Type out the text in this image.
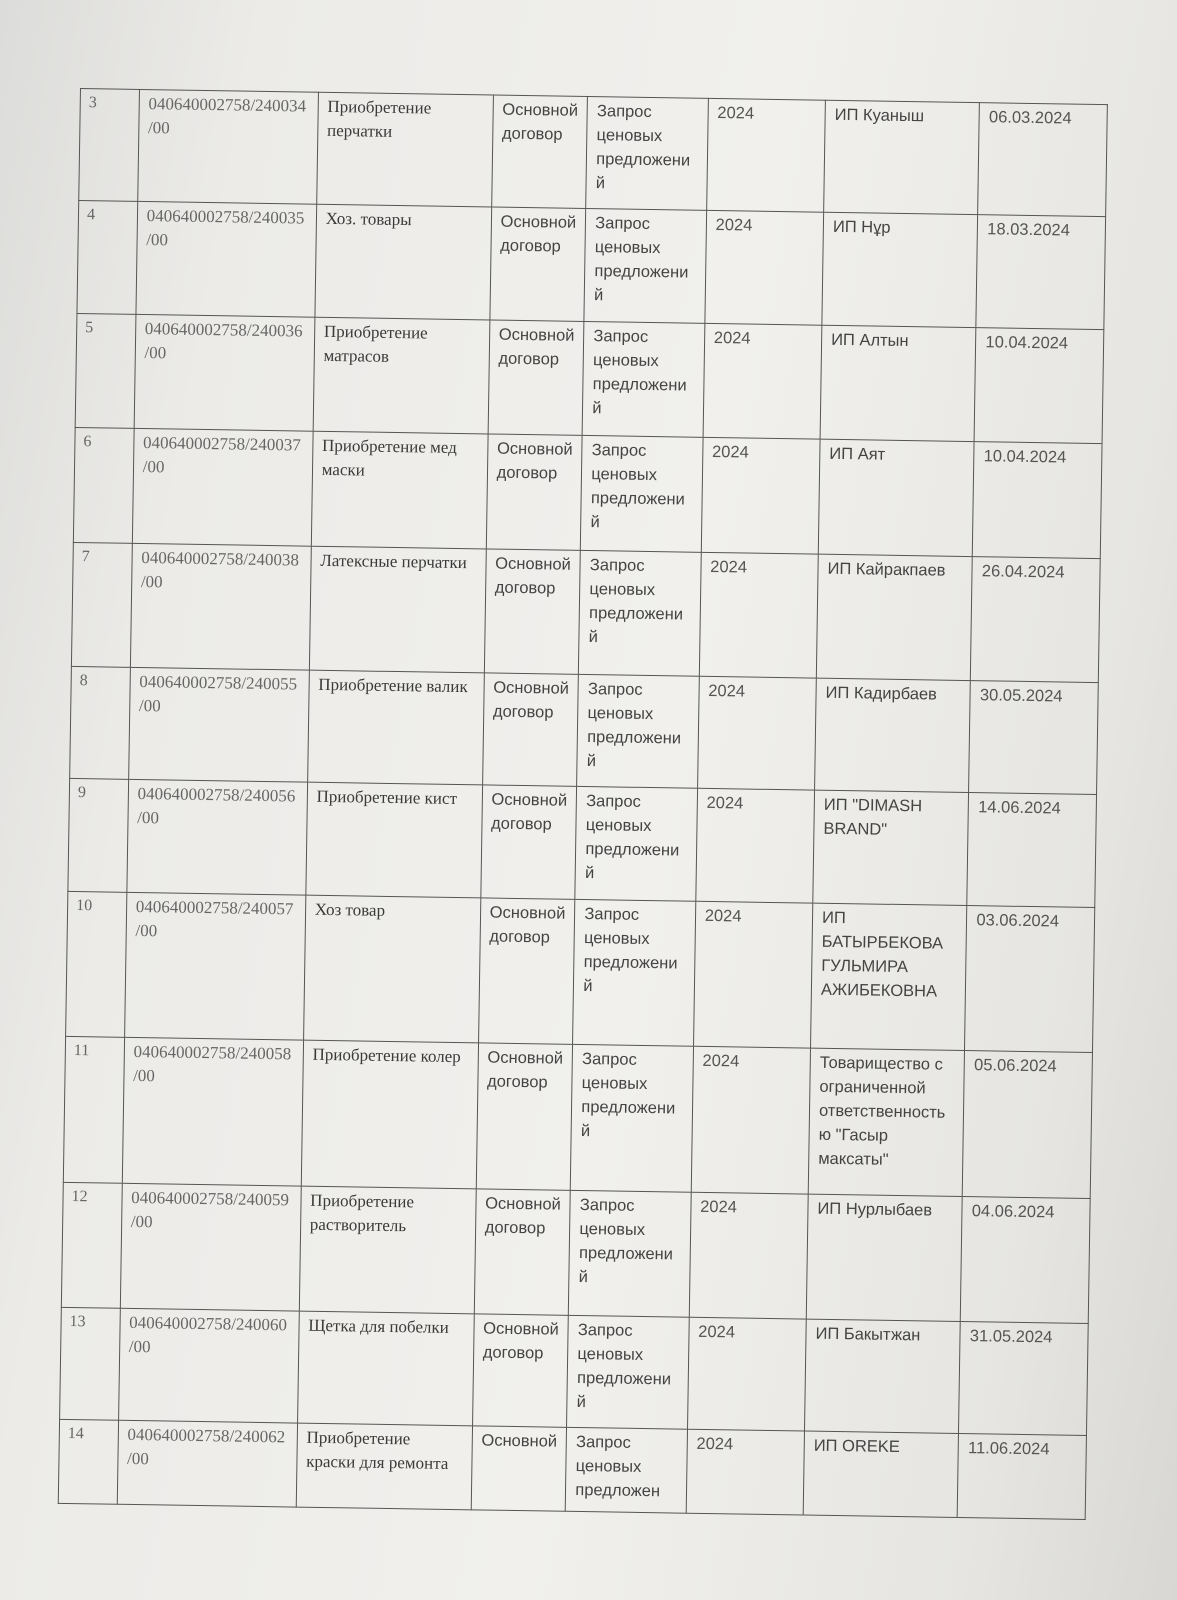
3	040640002758/240034/00	Приобретение перчатки	Основной договор	Запрос ценовых предложений	2024	ИП Куаныш	06.03.2024
4	040640002758/240035/00	Хоз. товары	Основной договор	Запрос ценовых предложений	2024	ИП Нұр	18.03.2024
5	040640002758/240036/00	Приобретение матрасов	Основной договор	Запрос ценовых предложений	2024	ИП Алтын	10.04.2024
6	040640002758/240037/00	Приобретение мед маски	Основной договор	Запрос ценовых предложений	2024	ИП Аят	10.04.2024
7	040640002758/240038/00	Латексные перчатки	Основной договор	Запрос ценовых предложений	2024	ИП Кайракпаев	26.04.2024
8	040640002758/240055/00	Приобретение валик	Основной договор	Запрос ценовых предложений	2024	ИП Кадирбаев	30.05.2024
9	040640002758/240056/00	Приобретение кист	Основной договор	Запрос ценовых предложений	2024	ИП "DIMASH BRAND"	14.06.2024
10	040640002758/240057/00	Хоз товар	Основной договор	Запрос ценовых предложений	2024	ИП БАТЫРБЕКОВА ГУЛЬМИРА АЖИБЕКОВНА	03.06.2024
11	040640002758/240058/00	Приобретение колер	Основной договор	Запрос ценовых предложений	2024	Товарищество с ограниченной ответственностью "Гасыр максаты"	05.06.2024
12	040640002758/240059/00	Приобретение растворитель	Основной договор	Запрос ценовых предложений	2024	ИП Нурлыбаев	04.06.2024
13	040640002758/240060/00	Щетка для побелки	Основной договор	Запрос ценовых предложений	2024	ИП Бакытжан	31.05.2024
14	040640002758/240062/00	Приобретение краски для ремонта	Основной	Запрос ценовых предложен	2024	ИП OREKE	11.06.2024
